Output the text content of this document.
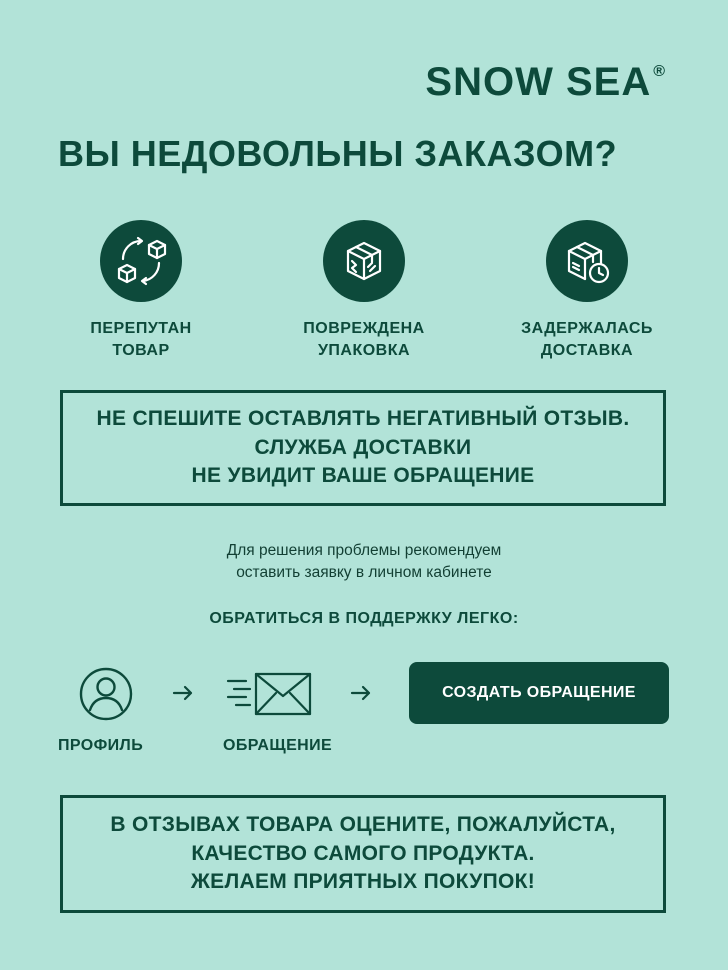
SNOW SEA ®
ВЫ НЕДОВОЛЬНЫ ЗАКАЗОМ?
ПЕРЕПУТАН
ТОВАР
ПОВРЕЖДЕНА
УПАКОВКА
ЗАДЕРЖАЛАСЬ
ДОСТАВКА
НЕ СПЕШИТЕ ОСТАВЛЯТЬ НЕГАТИВНЫЙ ОТЗЫВ.
СЛУЖБА ДОСТАВКИ
НЕ УВИДИТ ВАШЕ ОБРАЩЕНИЕ

Для решения проблемы рекомендуем
оставить заявку в личном кабинете

ОБРАТИТЬСЯ В ПОДДЕРЖКУ ЛЕГКО:

ПРОФИЛЬ	ОБРАЩЕНИЕ
СОЗДАТЬ ОБРАЩЕНИЕ
В ОТЗЫВАХ ТОВАРА ОЦЕНИТЕ, ПОЖАЛУЙСТА,
КАЧЕСТВО САМОГО ПРОДУКТА.
ЖЕЛАЕМ ПРИЯТНЫХ ПОКУПОК!
